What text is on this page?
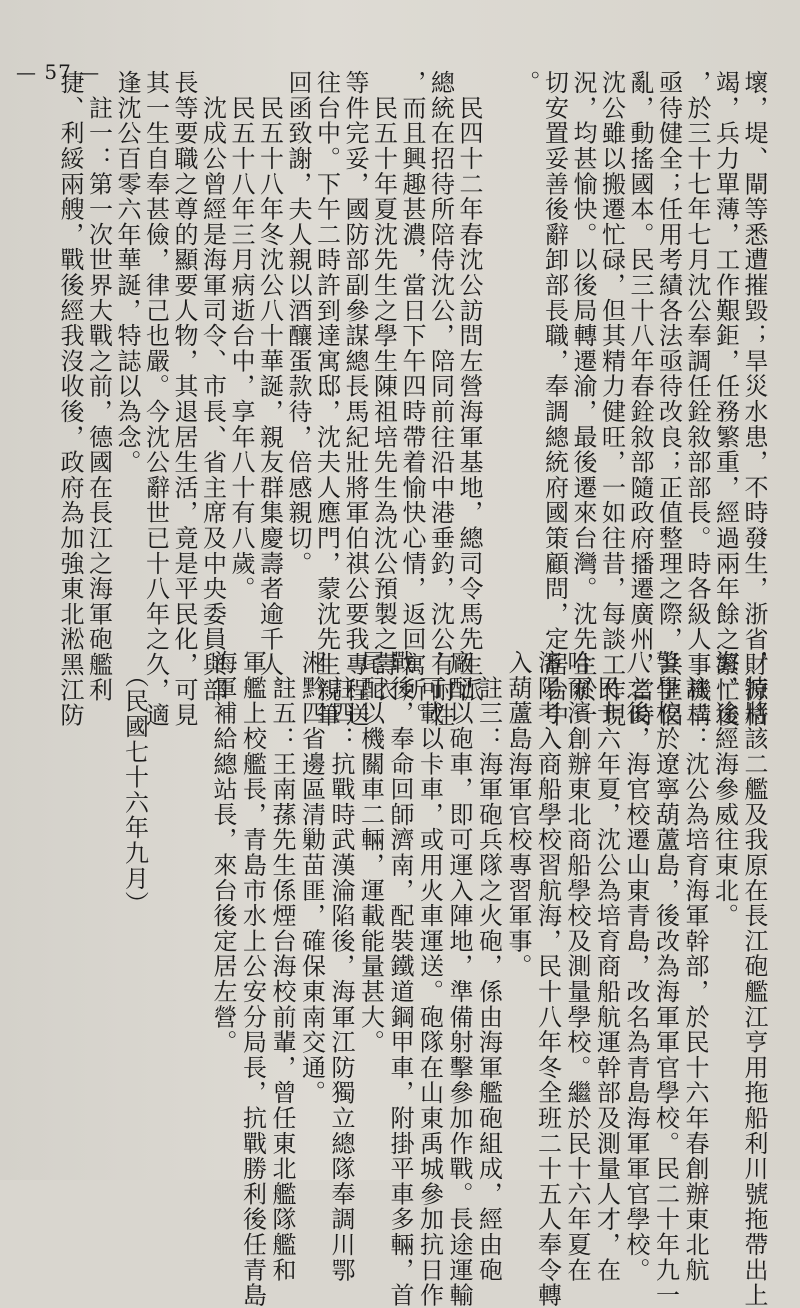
— 57 —	壞，堤、閘等悉遭摧毀；旱災水患，不時發生，浙省財源枯
竭，兵力單薄，工作艱鉅，任務繁重，經過兩年餘之繁忙後
，於三十七年七月沈公奉調任銓敘部部長。時各級人事機構
亟待健全；任用考績各法亟待改良；正值整理之際，共匪倡
亂，動搖國本。民三十八年春銓敘部隨政府播遷廣州，當時
沈公雖以搬遷忙碌，但其精力健旺，一如往昔，每談工作現
況，均甚愉快。以後局轉遷渝，最後遷來台灣。沈先生於一
切安置妥善後辭卸部長職，奉調總統府國策顧問，定居台中
。
　民四十二年春沈公訪問左營海軍基地，總司令馬先生派
總統在招待所陪侍沈公，陪同前往沿中港垂釣，沈公有耐性
，而且興趣甚濃，當日下午四時帶着愉快心情，返回寓所。
　民五十年夏沈先生之學生陳祖培先生為沈公預製之壽衣
等件完妥，國防部副參謀總長馬紀壯將軍伯祺公要我專程送
往台中。下午二時許到達寓邸，沈夫人應門，蒙沈先生親筆
回函致謝，夫人親以酒釀蛋款待，倍感親切。
　民五十八年冬沈公八十華誕，親友群集慶壽者逾千人。
　民五十八年三月病逝台中，享年八十有八歲。
　沈成公曾經是海軍司令、市長、省主席及中央委員與部
長等要職之尊的顯要人物，其退居生活，竟是平民化，可見
其一生自奉甚儉，律己也嚴。今沈公辭世已十八年之久，適
逢沈公百零六年華誕，特誌以為念。
　註一：第一次世界大戰之前，德國在長江之海軍砲艦利
捷、利綏兩艘，戰後經我沒收後，政府為加強東北淞黑江防
，特將該二艦及我原在長江砲艦江亨用拖船利川號拖帶出上
海，途經海參威往東北。
　註二：沈公為培育海軍幹部，於民十六年春創辦東北航
警學校於遼寧葫蘆島，後改為海軍軍官學校。民二十年九一
八之後，海官校遷山東青島，改名為青島海軍軍官學校。
　民十六年夏，沈公為培育商船航運幹部及測量人才，在
哈爾濱創辦東北商船學校及測量學校。繼於民十六年夏在
瀋陽考入商船學校習航海，民十八年冬全班二十五人奉令轉
入葫蘆島海軍官校專習軍事。
　註三：海軍砲兵隊之火砲，係由海軍艦砲組成，經由砲
廠配以砲車，即可運入陣地，準備射擊參加作戰。長途運輸
，可載以卡車，或用火車運送。砲隊在山東禹城參加抗日作
戰後，奉命回師濟南，配裝鐵道鋼甲車，附掛平車多輛，首
尾配以機關車二輛，運載能量甚大。
　註四：抗戰時武漢淪陷後，海軍江防獨立總隊奉調川鄂
湘黔四省邊區清勦苗匪，確保東南交通。
　註五：王南蓀先生係煙台海校前輩，曾任東北艦隊艦和
軍艦上校艦長，青島市水上公安分局長，抗戰勝利後任青島
海軍補給總站長，來台後定居左營。
　（民國七十六年九月）
